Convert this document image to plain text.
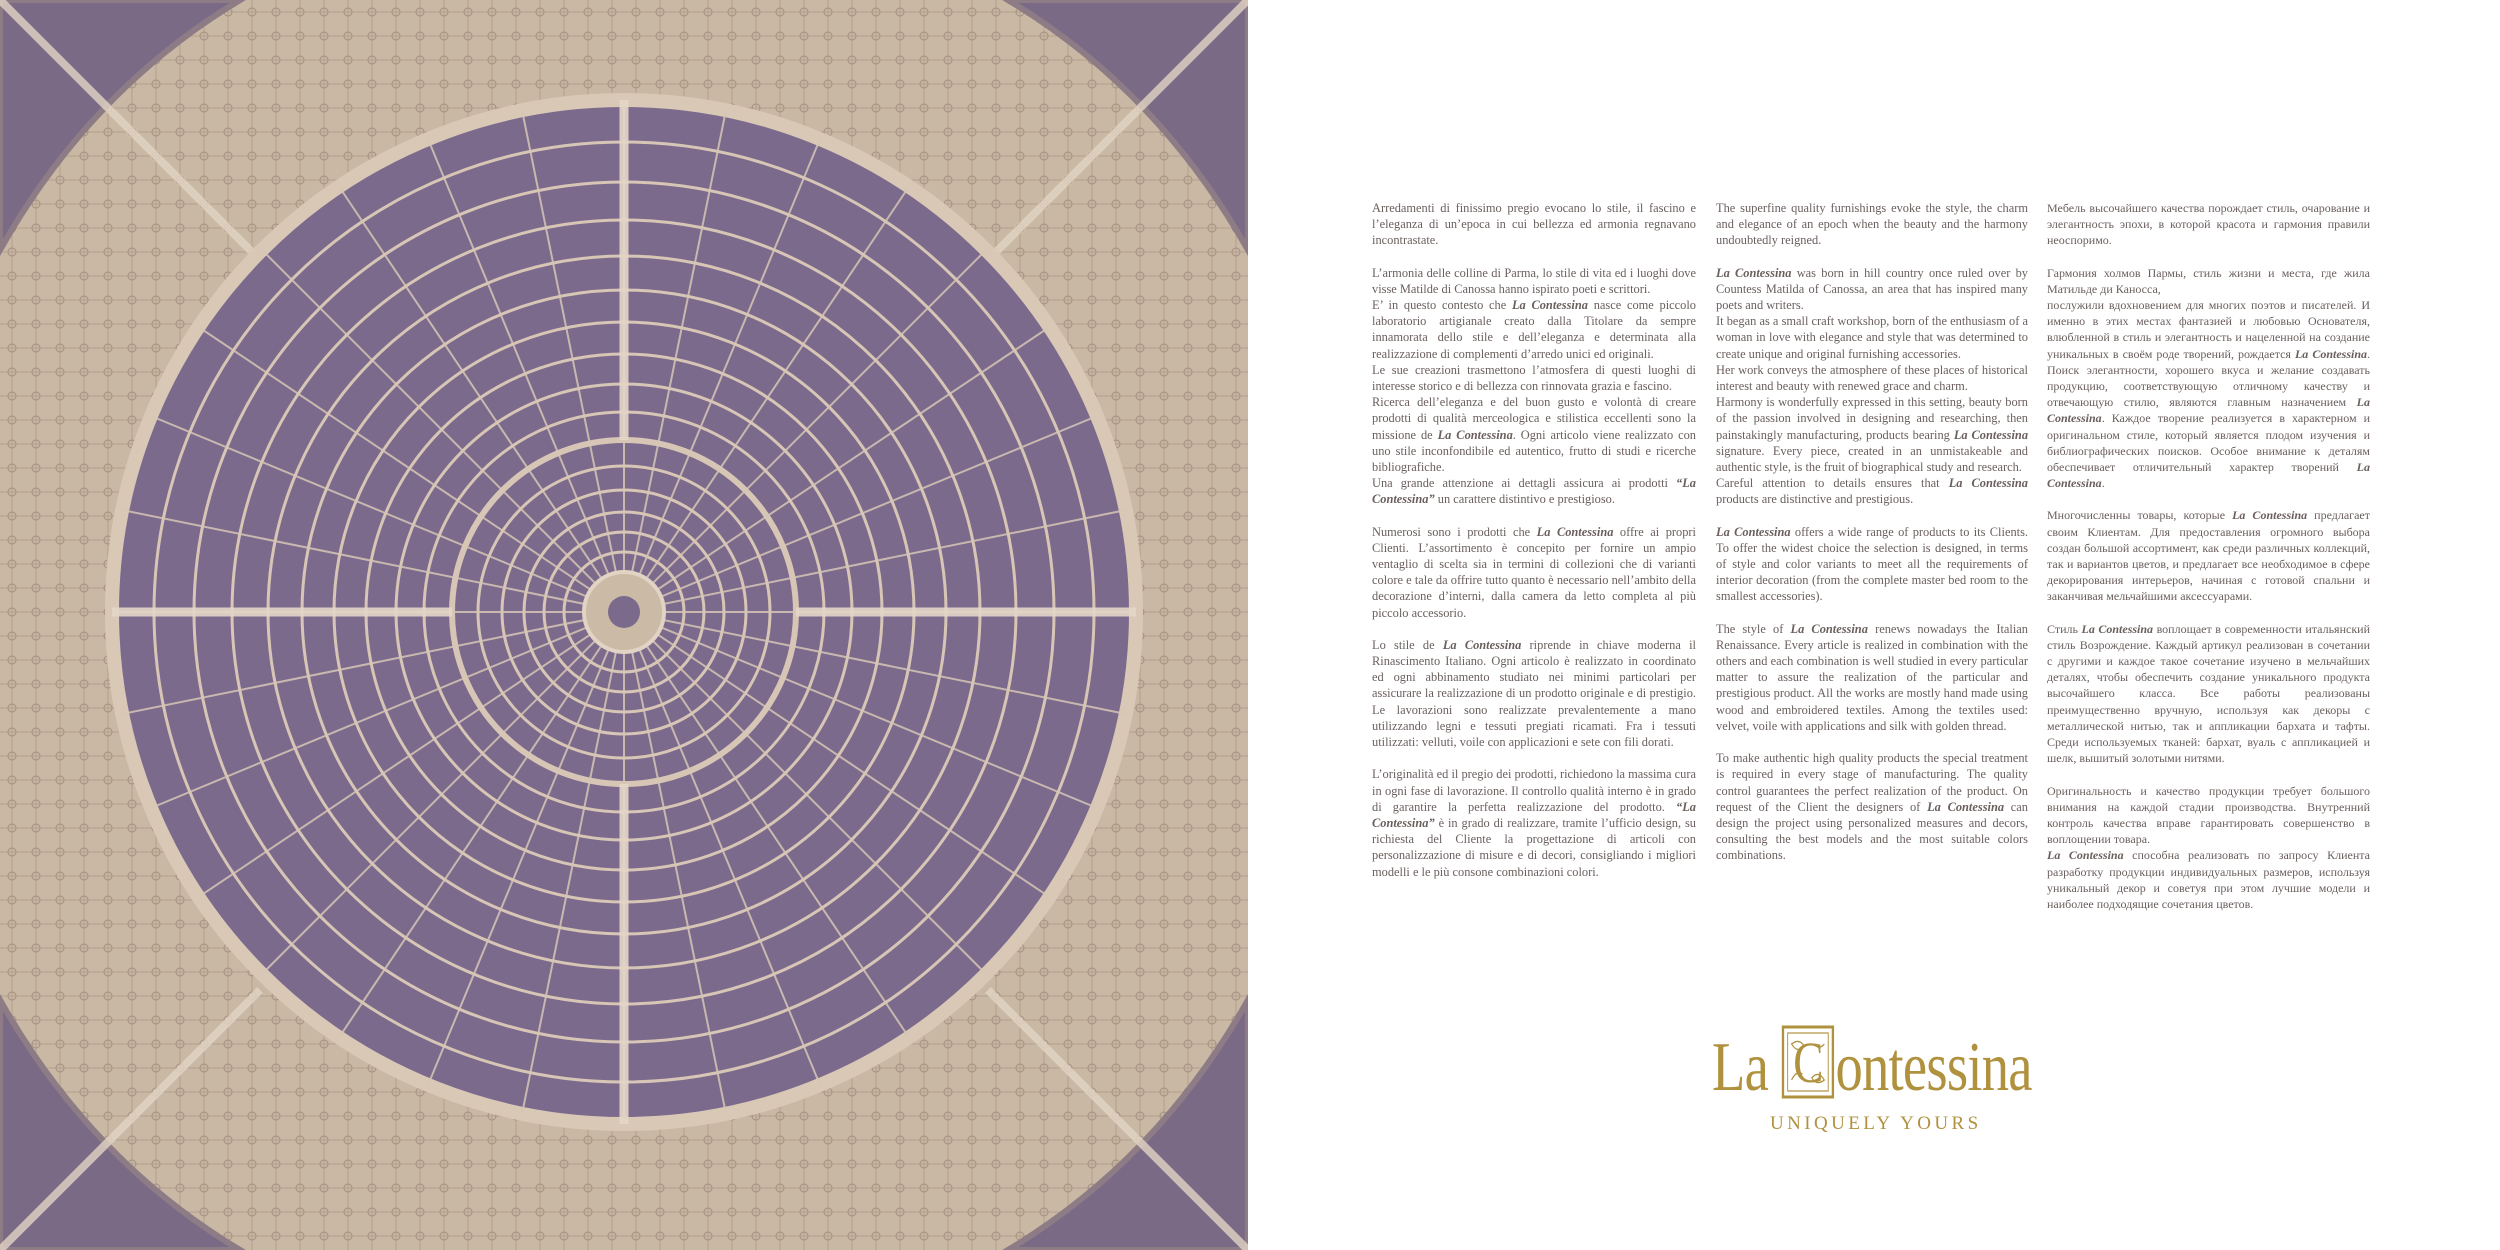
Arredamenti di finissimo pregio evocano lo stile, il fascino e l’eleganza di un’epoca in cui bellezza ed armonia regnavano incontrastate.

L’armonia delle colline di Parma, lo stile di vita ed i luoghi dove visse Matilde di Canossa hanno ispirato poeti e scrittori.

E’ in questo contesto che La Contessina nasce come piccolo laboratorio artigianale creato dalla Titolare da sempre innamorata dello stile e dell’eleganza e determinata alla realizzazione di complementi d’arredo unici ed originali.

Le sue creazioni trasmettono l’atmosfera di questi luoghi di interesse storico e di bellezza con rinnovata grazia e fascino.

Ricerca dell’eleganza e del buon gusto e volontà di creare prodotti di qualità merceologica e stilistica eccellenti sono la missione de La Contessina. Ogni articolo viene realizzato con uno stile inconfondibile ed autentico, frutto di studi e ricerche bibliografiche.

Una grande attenzione ai dettagli assicura ai prodotti “La Contessina” un carattere distintivo e prestigioso.

Numerosi sono i prodotti che La Contessina offre ai propri Clienti. L’assortimento è concepito per fornire un ampio ventaglio di scelta sia in termini di collezioni che di varianti colore e tale da offrire tutto quanto è necessario nell’ambito della decorazione d’interni, dalla camera da letto completa al più piccolo accessorio.

Lo stile de La Contessina riprende in chiave moderna il Rinascimento Italiano. Ogni articolo è realizzato in coordinato ed ogni abbinamento studiato nei minimi particolari per assicurare la realizzazione di un prodotto originale e di prestigio. Le lavorazioni sono realizzate prevalentemente a mano utilizzando legni e tessuti pregiati ricamati. Fra i tessuti utilizzati: velluti, voile con applicazioni e sete con fili dorati.

L’originalità ed il pregio dei prodotti, richiedono la massima cura in ogni fase di lavorazione. Il controllo qualità interno è in grado di garantire la perfetta realizzazione del prodotto. “La Contessina” è in grado di realizzare, tramite l’ufficio design, su richiesta del Cliente la progettazione di articoli con personalizzazione di misure e di decori, consigliando i migliori modelli e le più consone combinazioni colori.

The superfine quality furnishings evoke the style, the charm and elegance of an epoch when the beauty and the harmony undoubtedly reigned.

La Contessina was born in hill country once ruled over by Countess Matilda of Canossa, an area that has inspired many poets and writers.

It began as a small craft workshop, born of the enthusiasm of a woman in love with elegance and style that was determined to create unique and original furnishing accessories.

Her work conveys the atmosphere of these places of historical interest and beauty with renewed grace and charm.

Harmony is wonderfully expressed in this setting, beauty born of the passion involved in designing and researching, then painstakingly manufacturing, products bearing La Contessina signature. Every piece, created in an unmistakeable and authentic style, is the fruit of biographical study and research.

Careful attention to details ensures that La Contessina products are distinctive and prestigious.

La Contessina offers a wide range of products to its Clients. To offer the widest choice the selection is designed, in terms of style and color variants to meet all the requirements of interior decoration (from the complete master bed room to the smallest accessories).

The style of La Contessina renews nowadays the Italian Renaissance. Every article is realized in combination with the others and each combination is well studied in every particular matter to assure the realization of the particular and prestigious product. All the works are mostly hand made using wood and embroidered textiles. Among the textiles used: velvet, voile with applications and silk with golden thread.

To make authentic high quality products the special treatment is required in every stage of manufacturing. The quality control guarantees the perfect realization of the product. On request of the Client the designers of La Contessina can design the project using personalized measures and decors, consulting the best models and the most suitable colors combinations.

Мебель высочайшего качества порождает стиль, очарование и элегантность эпохи, в которой красота и гармония правили неоспоримо.

Гармония холмов Пармы, стиль жизни и места, где жила Матильде ди Каносса,

послужили вдохновением для многих поэтов и писателей. И именно в этих местах фантазией и любовью Основателя, влюбленной в стиль и элегантность и нацеленной на создание уникальных в своём роде творений, рождается La Contessina. Поиск элегантности, хорошего вкуса и желание создавать продукцию, соответствующую отличному качеству и отвечающую стилю, являются главным назначением La Contessina. Каждое творение реализуется в характерном и оригинальном стиле, который является плодом изучения и библиографических поисков. Особое внимание к деталям обеспечивает отличительный характер творений La Contessina.

Многочисленны товары, которые La Contessina предлагает своим Клиентам. Для предоставления огромного выбора создан большой ассортимент, как среди различных коллекций, так и вариантов цветов, и предлагает все необходимое в сфере декорирования интерьеров, начиная с готовой спальни и заканчивая мельчайшими аксессуарами.

Стиль La Contessina воплощает в современности итальянский стиль Возрождение. Каждый артикул реализован в сочетании с другими и каждое такое сочетание изучено в мельчайших деталях, чтобы обеспечить создание уникального продукта высочайшего класса. Все работы реализованы преимущественно вручную, используя как декоры с металлической нитью, так и аппликации бархата и тафты. Среди используемых тканей: бархат, вуаль с аппликацией и шелк, вышитый золотыми нитями.

Оригинальность и качество продукции требует большого внимания на каждой стадии производства. Внутренний контроль качества вправе гарантировать совершенство в воплощении товара.

La Contessina способна реализовать по запросу Клиента разработку продукции индивидуальных размеров, используя уникальный декор и советуя при этом лучшие модели и наиболее подходящие сочетания цветов.

La C ontessina
UNIQUELY YOURS
